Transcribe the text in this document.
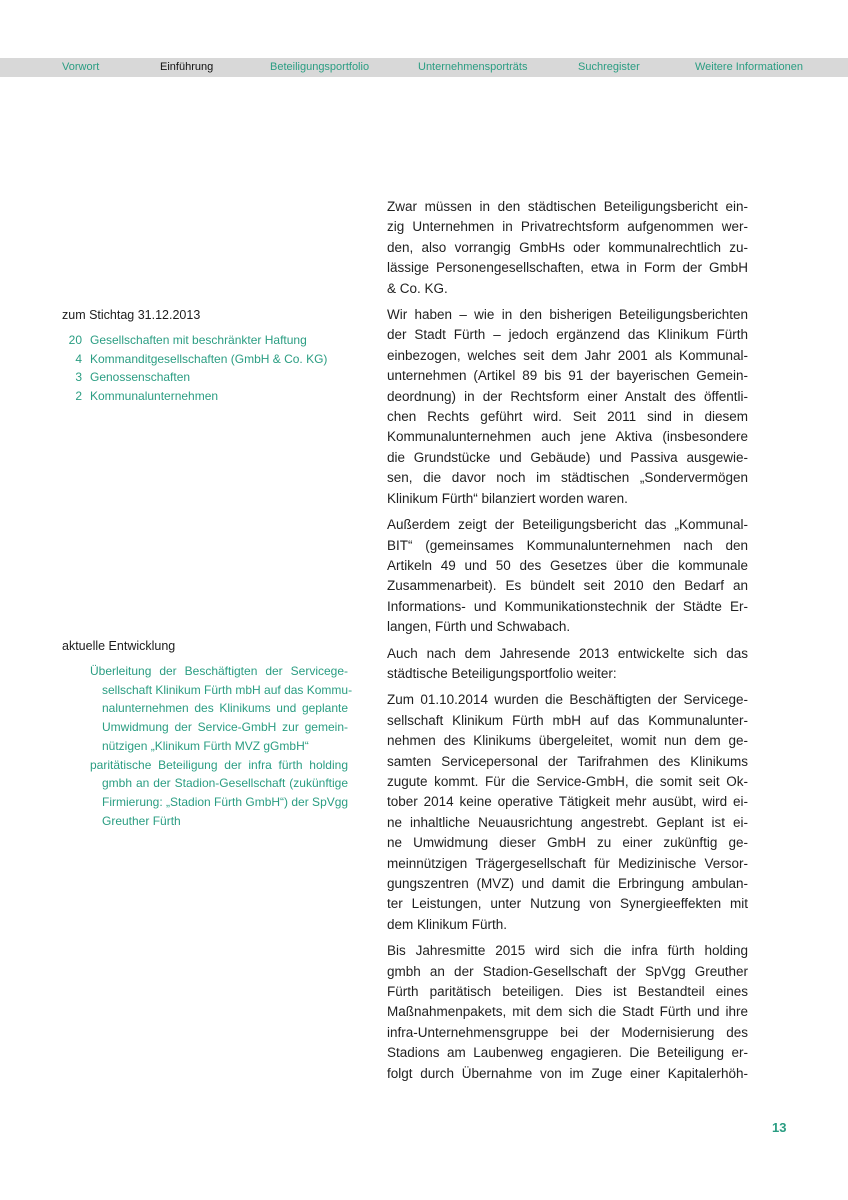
Vorwort	Einführung	Beteiligungsportfolio	Unternehmensporträts	Suchregister	Weitere Informationen
zum Stichtag 31.12.2013
20 Gesellschaften mit beschränkter Haftung
4 Kommanditgesellschaften (GmbH & Co. KG)
3 Genossenschaften
2 Kommunalunternehmen
aktuelle Entwicklung
Überleitung der Beschäftigten der Servicege-
sellschaft Klinikum Fürth mbH auf das Kommu-
nalunternehmen des Klinikums und geplante
Umwidmung der Service-GmbH zur gemein-
nützigen „Klinikum Fürth MVZ gGmbH“
paritätische Beteiligung der infra fürth holding
gmbh an der Stadion-Gesellschaft (zukünftige
Firmierung: „Stadion Fürth GmbH“) der SpVgg
Greuther Fürth
Zwar müssen in den städtischen Beteiligungsbericht ein-
zig Unternehmen in Privatrechtsform aufgenommen wer-
den, also vorrangig GmbHs oder kommunalrechtlich zu-
lässige Personengesellschaften, etwa in Form der GmbH
& Co. KG.
Wir haben – wie in den bisherigen Beteiligungsberichten
der Stadt Fürth – jedoch ergänzend das Klinikum Fürth
einbezogen, welches seit dem Jahr 2001 als Kommunal-
unternehmen (Artikel 89 bis 91 der bayerischen Gemein-
deordnung) in der Rechtsform einer Anstalt des öffentli-
chen Rechts geführt wird. Seit 2011 sind in diesem
Kommunalunternehmen auch jene Aktiva (insbesondere
die Grundstücke und Gebäude) und Passiva ausgewie-
sen, die davor noch im städtischen „Sondervermögen
Klinikum Fürth“ bilanziert worden waren.
Außerdem zeigt der Beteiligungsbericht das „Kommunal-
BIT“ (gemeinsames Kommunalunternehmen nach den
Artikeln 49 und 50 des Gesetzes über die kommunale
Zusammenarbeit). Es bündelt seit 2010 den Bedarf an
Informations- und Kommunikationstechnik der Städte Er-
langen, Fürth und Schwabach.
Auch nach dem Jahresende 2013 entwickelte sich das
städtische Beteiligungsportfolio weiter:
Zum 01.10.2014 wurden die Beschäftigten der Servicege-
sellschaft Klinikum Fürth mbH auf das Kommunalunter-
nehmen des Klinikums übergeleitet, womit nun dem ge-
samten Servicepersonal der Tarifrahmen des Klinikums
zugute kommt. Für die Service-GmbH, die somit seit Ok-
tober 2014 keine operative Tätigkeit mehr ausübt, wird ei-
ne inhaltliche Neuausrichtung angestrebt. Geplant ist ei-
ne Umwidmung dieser GmbH zu einer zukünftig ge-
meinnützigen Trägergesellschaft für Medizinische Versor-
gungszentren (MVZ) und damit die Erbringung ambulan-
ter Leistungen, unter Nutzung von Synergieeffekten mit
dem Klinikum Fürth.
Bis Jahresmitte 2015 wird sich die infra fürth holding
gmbh an der Stadion-Gesellschaft der SpVgg Greuther
Fürth paritätisch beteiligen. Dies ist Bestandteil eines
Maßnahmenpakets, mit dem sich die Stadt Fürth und ihre
infra-Unternehmensgruppe bei der Modernisierung des
Stadions am Laubenweg engagieren. Die Beteiligung er-
folgt durch Übernahme von im Zuge einer Kapitalerhöh-
13
